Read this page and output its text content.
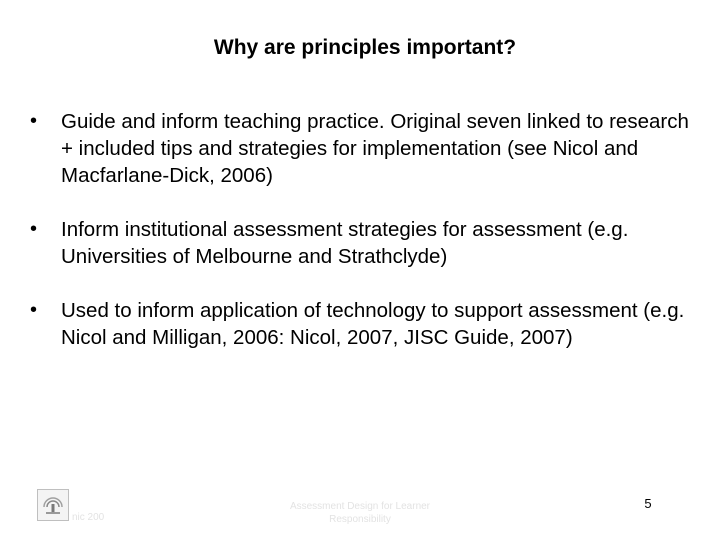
Why are principles important?
•	Guide and inform teaching practice. Original seven linked to research + included tips and strategies for implementation (see Nicol and Macfarlane-Dick, 2006)
•	Inform institutional assessment strategies for assessment (e.g. Universities of Melbourne and Strathclyde)
•	Used to inform application of technology to support assessment (e.g. Nicol and Milligan, 2006: Nicol, 2007, JISC Guide, 2007)
nic 200
Assessment Design for Learner Responsibility
5
